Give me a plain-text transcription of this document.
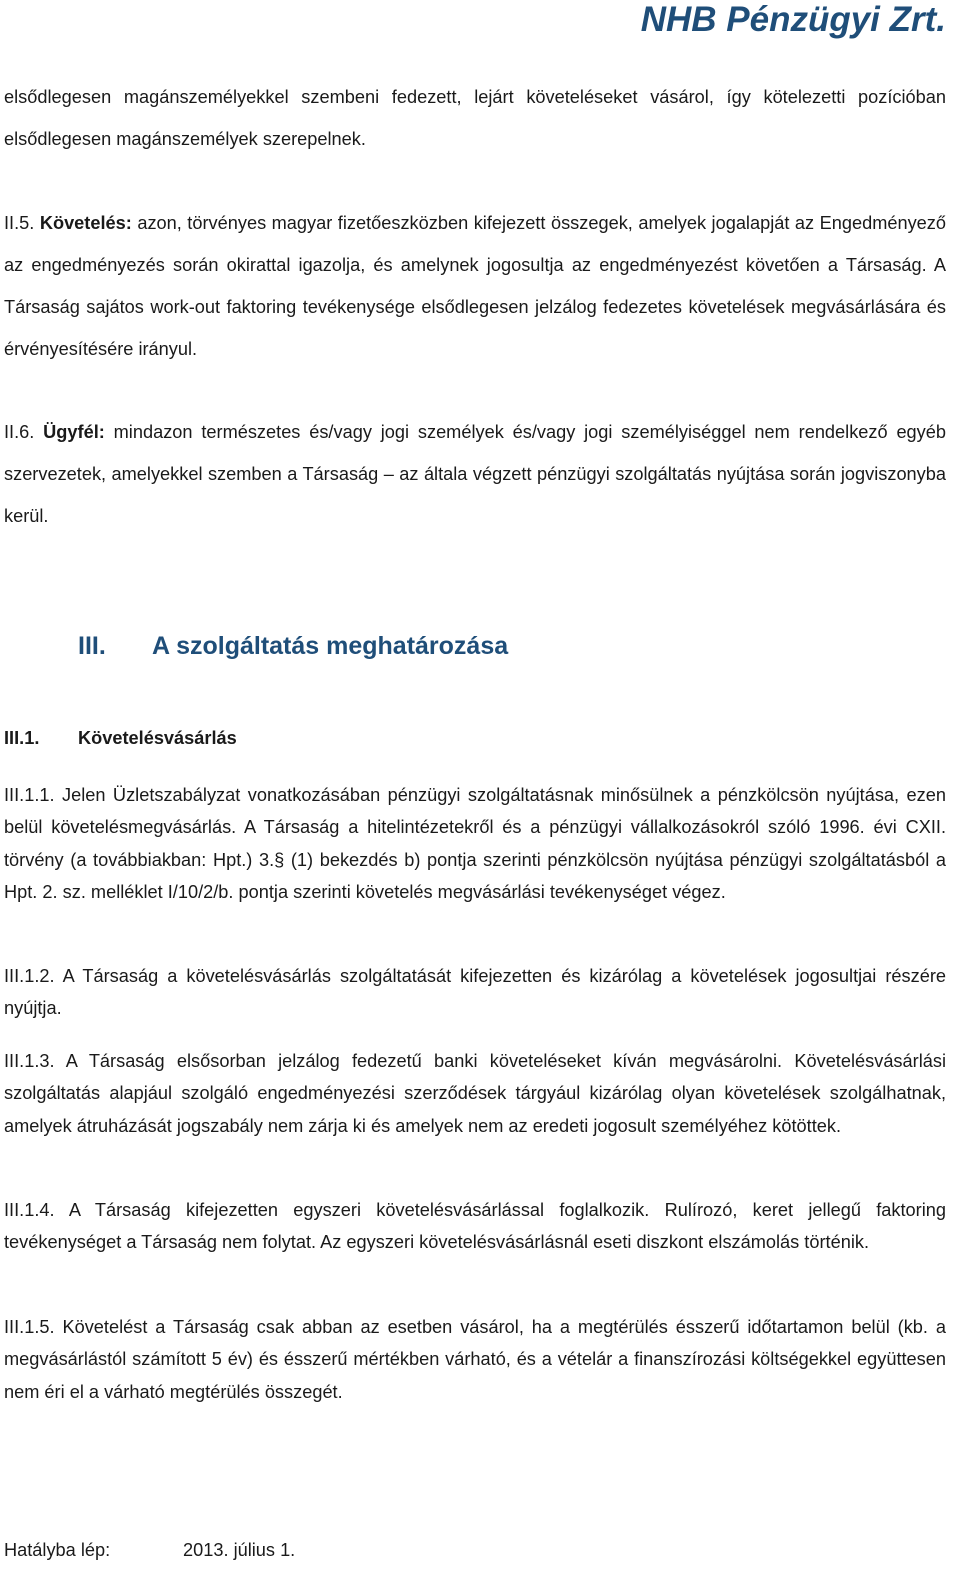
NHB Pénzügyi Zrt.
elsődlegesen magánszemélyekkel szembeni fedezett, lejárt követeléseket vásárol, így kötelezetti pozícióban elsődlegesen magánszemélyek szerepelnek.
II.5. Követelés: azon, törvényes magyar fizetőeszközben kifejezett összegek, amelyek jogalapját az Engedményező az engedményezés során okirattal igazolja, és amelynek jogosultja az engedményezést követően a Társaság. A Társaság sajátos work-out faktoring tevékenysége elsődlegesen jelzálog fedezetes követelések megvásárlására és érvényesítésére irányul.
II.6. Ügyfél: mindazon természetes és/vagy jogi személyek és/vagy jogi személyiséggel nem rendelkező egyéb szervezetek, amelyekkel szemben a Társaság – az általa végzett pénzügyi szolgáltatás nyújtása során jogviszonyba kerül.
III. A szolgáltatás meghatározása
III.1. Követelésvásárlás
III.1.1. Jelen Üzletszabályzat vonatkozásában pénzügyi szolgáltatásnak minősülnek a pénzkölcsön nyújtása, ezen belül követelésmegvásárlás. A Társaság a hitelintézetekről és a pénzügyi vállalkozásokról szóló 1996. évi CXII. törvény (a továbbiakban: Hpt.) 3.§ (1) bekezdés b) pontja szerinti pénzkölcsön nyújtása pénzügyi szolgáltatásból a Hpt. 2. sz. melléklet I/10/2/b. pontja szerinti követelés megvásárlási tevékenységet végez.
III.1.2. A Társaság a követelésvásárlás szolgáltatását kifejezetten és kizárólag a követelések jogosultjai részére nyújtja.
III.1.3. A Társaság elsősorban jelzálog fedezetű banki követeléseket kíván megvásárolni. Követelésvásárlási szolgáltatás alapjául szolgáló engedményezési szerződések tárgyául kizárólag olyan követelések szolgálhatnak, amelyek átruházását jogszabály nem zárja ki és amelyek nem az eredeti jogosult személyéhez kötöttek.
III.1.4. A Társaság kifejezetten egyszeri követelésvásárlással foglalkozik. Rulírozó, keret jellegű faktoring tevékenységet a Társaság nem folytat. Az egyszeri követelésvásárlásnál eseti diszkont elszámolás történik.
III.1.5. Követelést a Társaság csak abban az esetben vásárol, ha a megtérülés ésszerű időtartamon belül (kb. a megvásárlástól számított 5 év) és ésszerű mértékben várható, és a vételár a finanszírozási költségekkel együttesen nem éri el a várható megtérülés összegét.
Hatályba lép:	2013. július 1.
